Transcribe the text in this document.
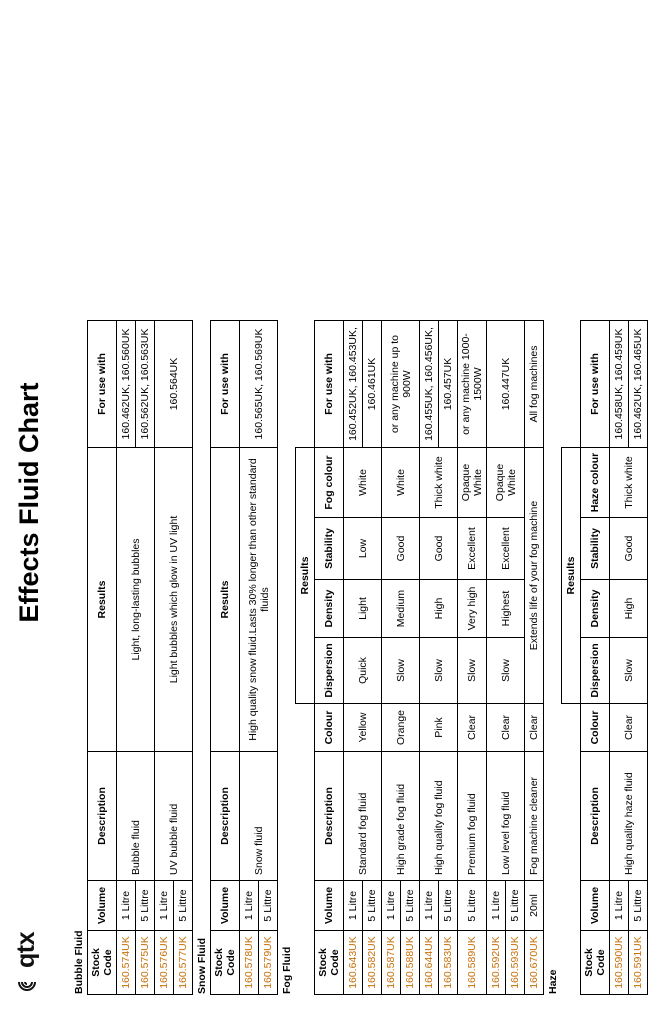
qtx
Effects Fluid Chart
Bubble Fluid Stock Code	Volume	Description	Results	For use with
160.574UK	1 Litre	Bubble fluid	Light, long-lasting bubbles	160.462UK, 160.560UK
160.575UK	5 Littre			160.562UK, 160.563UK
160.576UK	1 Litre	UV bubble fluid	Light bubbles which glow in UV light	160.564UK
160.577UK	5 Littre			
Snow Fluid Stock Code	Volume	Description	Results	For use with
160.578UK	1 Litre	Snow fluid	High quality snow fluid.Lasts 30% longer than other standard fluids	160.565UK, 160.569UK
160.579UK	5 Littre			
Fog Fluid
				Results				
Stock Code	Volume	Description	Colour	Dispersion	Density	Stability	Fog colour	For use with
160.643UK	1 Litre	Standard fog fluid	Yellow	Quick	Light	Low	White	160.452UK, 160.453UK,
160.582UK	5 Littre							160.461UK
160.587UK	1 Litre	High grade fog fluid	Orange	Slow	Medium	Good	White	or any machine up to 900W
160.588UK	5 Littre							
160.644UK	1 Litre	High quality fog fluid	Pink	Slow	High	Good	Thick white	160.455UK, 160.456UK,
160.583UK	5 Littre							160.457UK
160.589UK	5 Littre	Premium fog fluid	Clear	Slow	Very high	Excellent	Opaque White	or any machine 1000-1500W
160.592UK	1 Litre	Low level fog fluid	Clear	Slow	Highest	Excellent	Opaque White	160.447UK
160.593UK	5 Littre							
160.670UK	20ml	Fog machine cleaner	Clear	Extends life of your fog machine				All fog machines
Haze
				Results				
Stock Code	Volume	Description	Colour	Dispersion	Density	Stability	Haze colour	For use with
160.590UK	1 Litre	High quality haze fluid	Clear	Slow	High	Good	Thick white	160.458UK, 160.459UK
160.591UK	5 Littre							160.462UK, 160.465UK
